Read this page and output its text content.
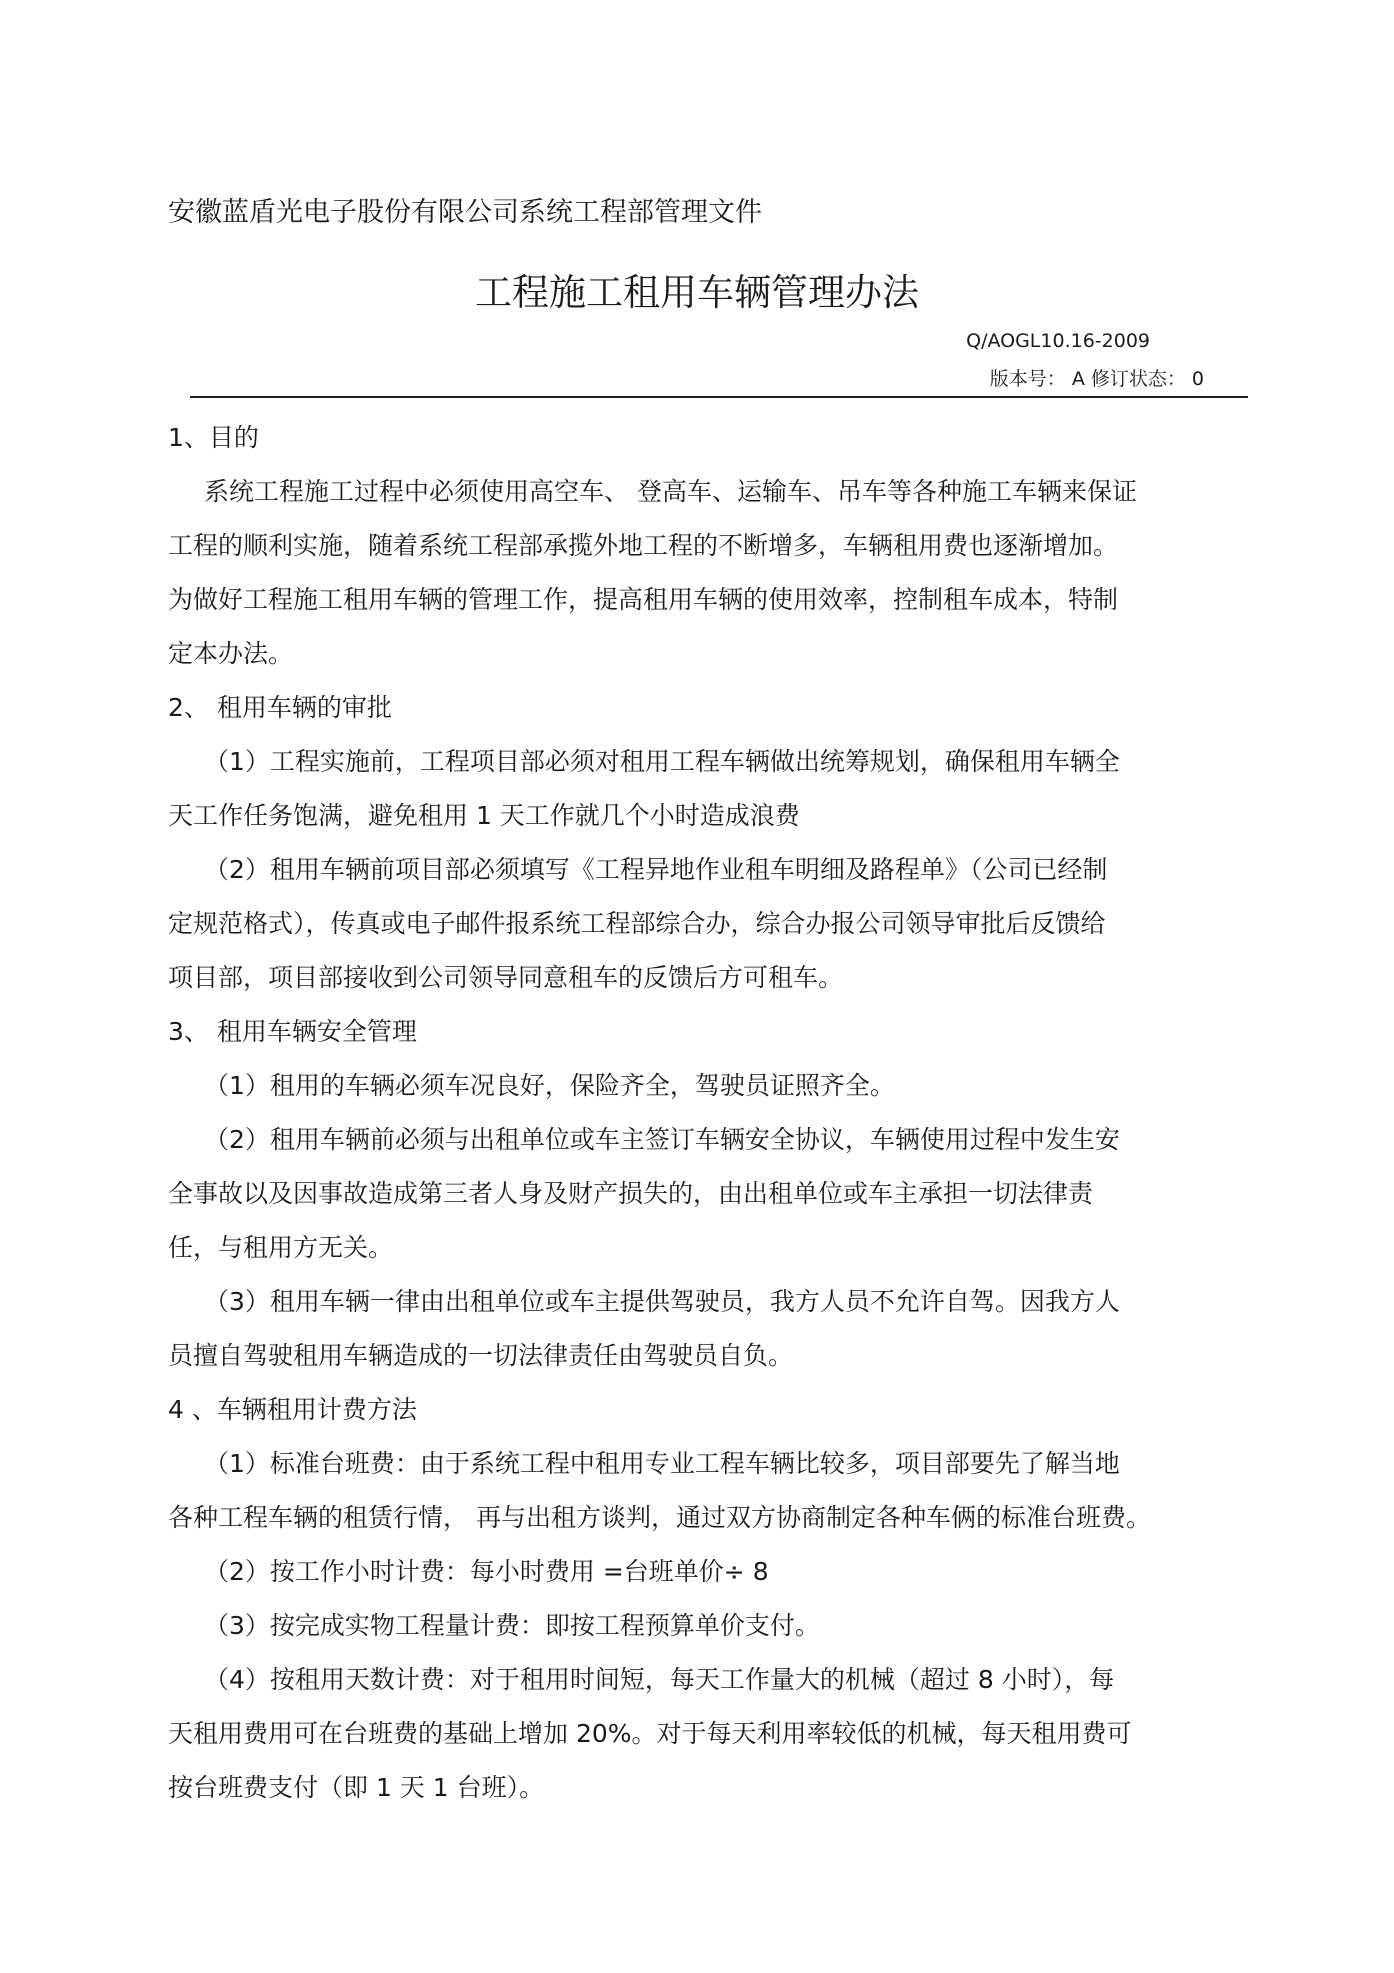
安徽蓝盾光电子股份有限公司系统工程部管理文件
工程施工租用车辆管理办法
Q/AOGL10.16-2009
版本号： A 修订状态： 0
1、目的
系统工程施工过程中必须使用高空车、 登高车、运输车、吊车等各种施工车辆来保证
工程的顺利实施，随着系统工程部承揽外地工程的不断增多，车辆租用费也逐渐增加。
为做好工程施工租用车辆的管理工作，提高租用车辆的使用效率，控制租车成本，特制
定本办法。
2、 租用车辆的审批
（1）工程实施前，工程项目部必须对租用工程车辆做出统筹规划，确保租用车辆全
天工作任务饱满，避免租用 1 天工作就几个小时造成浪费
（2）租用车辆前项目部必须填写《工程异地作业租车明细及路程单》（公司已经制
定规范格式），传真或电子邮件报系统工程部综合办，综合办报公司领导审批后反馈给
项目部，项目部接收到公司领导同意租车的反馈后方可租车。
3、 租用车辆安全管理
（1）租用的车辆必须车况良好，保险齐全，驾驶员证照齐全。
（2）租用车辆前必须与出租单位或车主签订车辆安全协议，车辆使用过程中发生安
全事故以及因事故造成第三者人身及财产损失的，由出租单位或车主承担一切法律责
任，与租用方无关。
（3）租用车辆一律由出租单位或车主提供驾驶员，我方人员不允许自驾。因我方人
员擅自驾驶租用车辆造成的一切法律责任由驾驶员自负。
4 、车辆租用计费方法
（1）标准台班费：由于系统工程中租用专业工程车辆比较多，项目部要先了解当地
各种工程车辆的租赁行情， 再与出租方谈判，通过双方协商制定各种车俩的标准台班费。
（2）按工作小时计费：每小时费用 =台班单价÷ 8
（3）按完成实物工程量计费：即按工程预算单价支付。
（4）按租用天数计费：对于租用时间短，每天工作量大的机械（超过 8 小时），每
天租用费用可在台班费的基础上增加 20%。对于每天利用率较低的机械，每天租用费可
按台班费支付（即 1 天 1 台班）。
